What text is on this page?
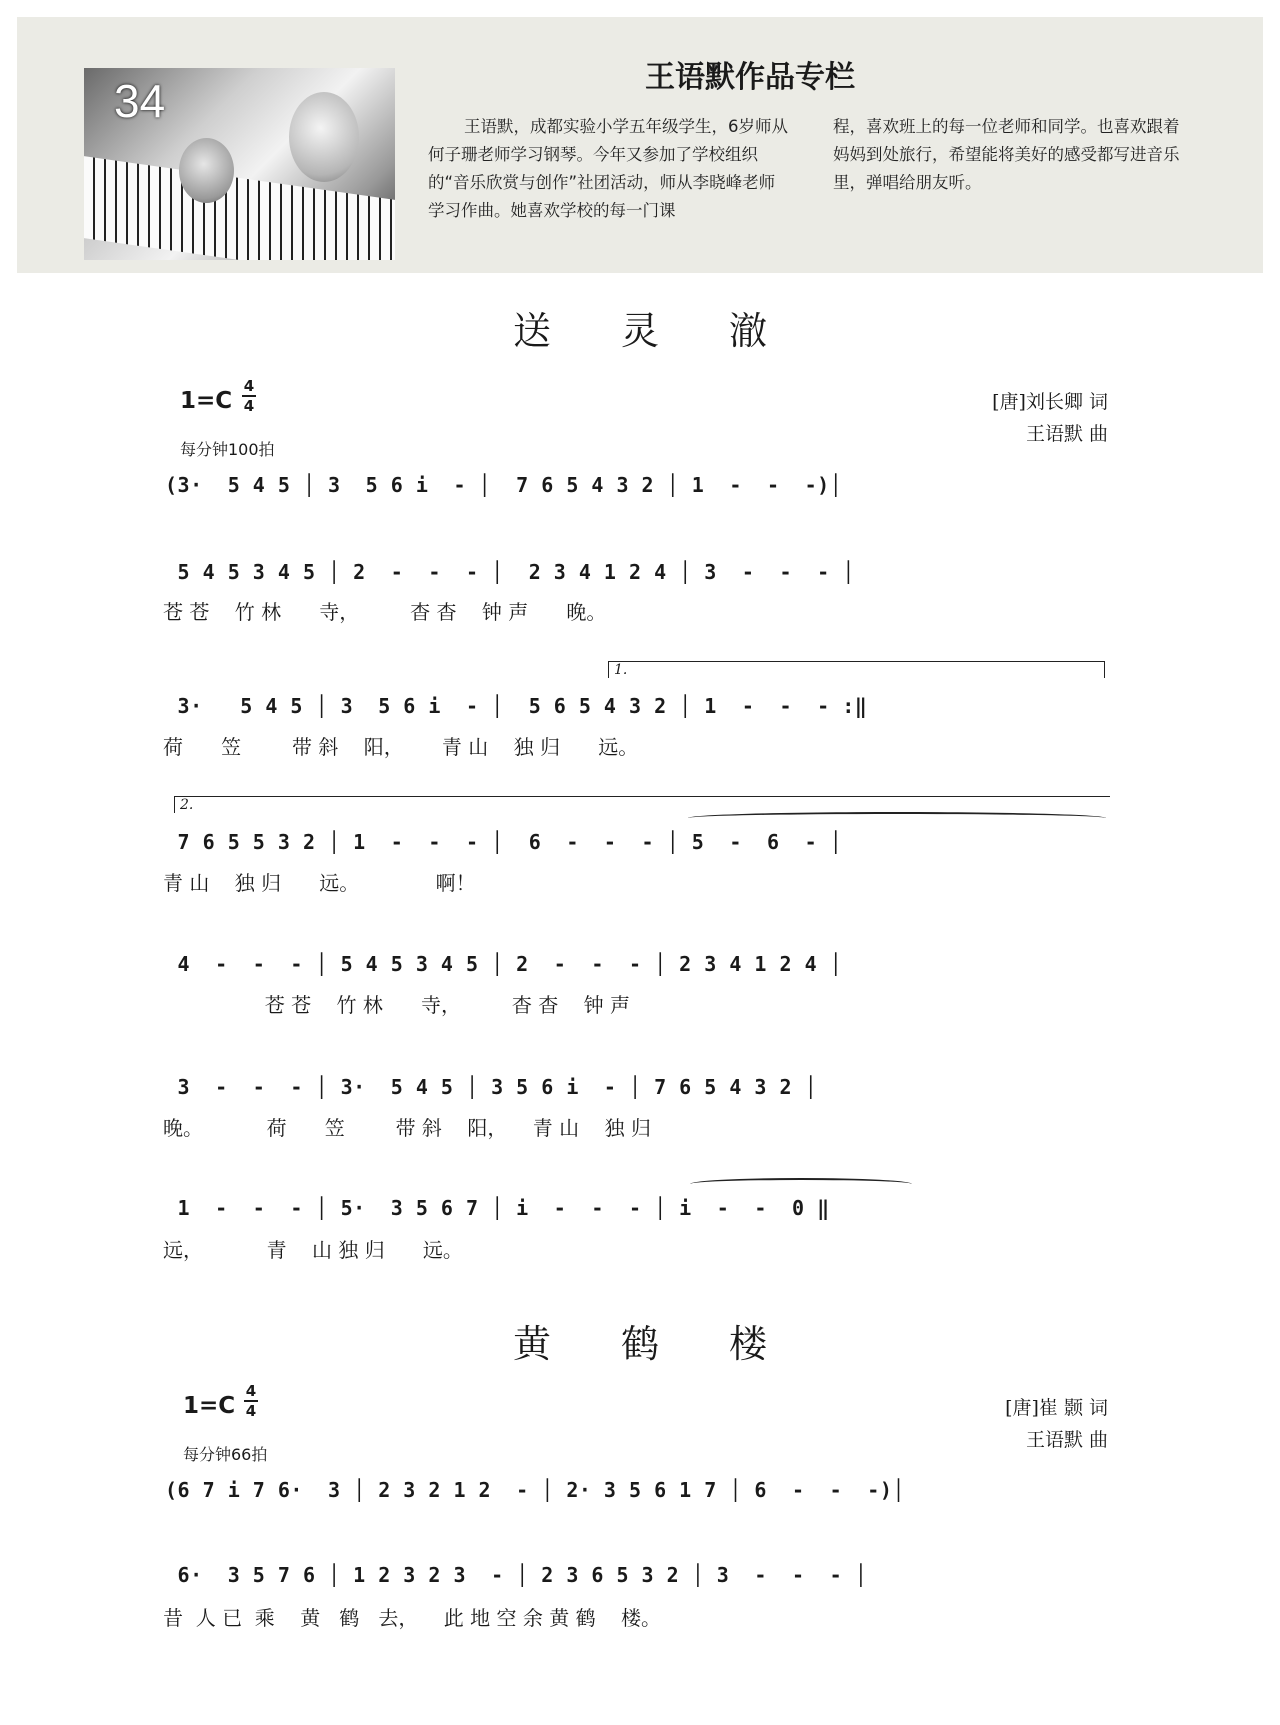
34	王语默作品专栏
王语默，成都实验小学五年级学生，6岁师从何子珊老师学习钢琴。今年又参加了学校组织的“音乐欣赏与创作”社团活动，师从李晓峰老师学习作曲。她喜欢学校的每一门课
程，喜欢班上的每一位老师和同学。也喜欢跟着妈妈到处旅行，希望能将美好的感受都写进音乐里，弹唱给朋友听。
送灵澈
1=C
4
4
每分钟100拍
[唐]刘长卿 词
王语默 曲
(3·  5 4 5 │ 3  5 6 i  - │  7 6 5 4 3 2 │ 1  -  -  -)│
5 4 5 3 4 5 │ 2  -  -  - │  2 3 4 1 2 4 │ 3  -  -  - │
苍 苍    竹 林      寺，        杳 杳    钟 声      晚。
1.
3·   5 4 5 │ 3  5 6 i  - │  5 6 5 4 3 2 │ 1  -  -  - :‖
荷      笠        带 斜    阳，      青 山    独 归      远。
2.
7 6 5 5 3 2 │ 1  -  -  - │  6  -  -  - │ 5  -  6  - │
青 山    独 归      远。            啊！
4  -  -  - │ 5 4 5 3 4 5 │ 2  -  -  - │ 2 3 4 1 2 4 │
苍 苍    竹 林      寺，        杳 杳    钟 声
3  -  -  - │ 3·  5 4 5 │ 3 5 6 i  - │ 7 6 5 4 3 2 │
晚。          荷      笠        带 斜    阳，    青 山    独 归
1  -  -  - │ 5·  3 5 6 7 │ i  -  -  - │ i  -  -  0 ‖
远，          青    山 独 归      远。
黄鹤楼
1=C
4
4
每分钟66拍
[唐]崔 颢 词
王语默 曲
(6 7 i 7 6·  3 │ 2 3 2 1 2  - │ 2· 3 5 6 1 7 │ 6  -  -  -)│
6·  3 5 7 6 │ 1 2 3 2 3  - │ 2 3 6 5 3 2 │ 3  -  -  - │
昔  人 已  乘    黄   鹤   去，    此 地 空 余 黄 鹤    楼。
